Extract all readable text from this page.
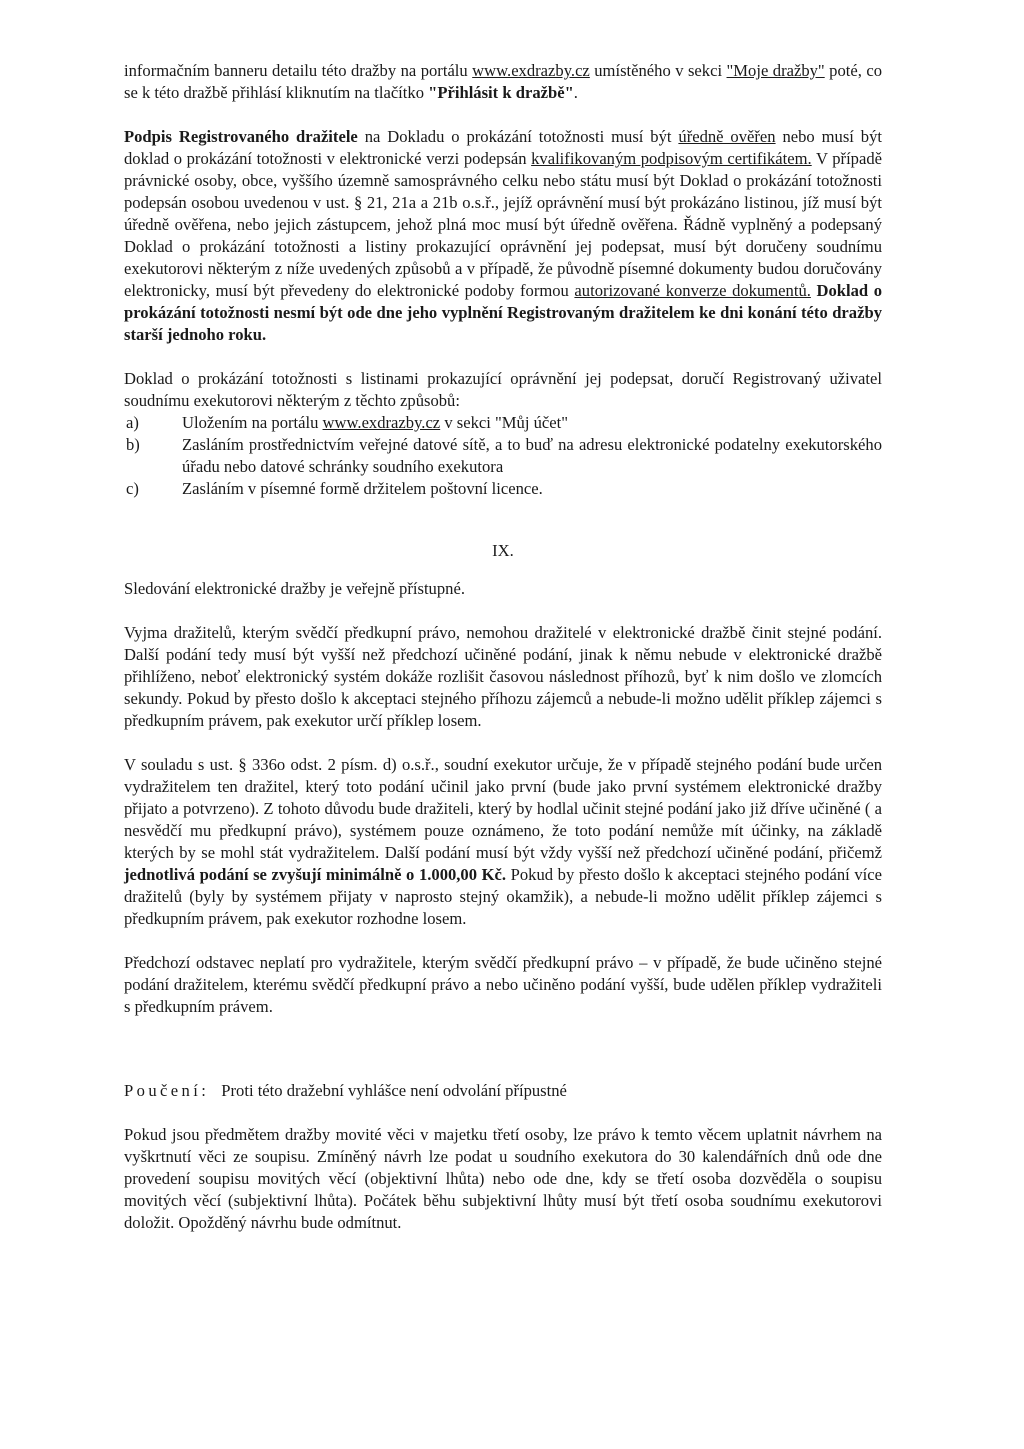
informačním banneru detailu této dražby na portálu www.exdrazby.cz umístěného v sekci "Moje dražby" poté, co se k této dražbě přihlásí kliknutím na tlačítko "Přihlásit k dražbě".

Podpis Registrovaného dražitele na Dokladu o prokázání totožnosti musí být úředně ověřen nebo musí být doklad o prokázání totožnosti v elektronické verzi podepsán kvalifikovaným podpisovým certifikátem. V případě právnické osoby, obce, vyššího územně samosprávného celku nebo státu musí být Doklad o prokázání totožnosti podepsán osobou uvedenou v ust. § 21, 21a a 21b o.s.ř., jejíž oprávnění musí být prokázáno listinou, jíž musí být úředně ověřena, nebo jejich zástupcem, jehož plná moc musí být úředně ověřena. Řádně vyplněný a podepsaný Doklad o prokázání totožnosti a listiny prokazující oprávnění jej podepsat, musí být doručeny soudnímu exekutorovi některým z níže uvedených způsobů a v případě, že původně písemné dokumenty budou doručovány elektronicky, musí být převedeny do elektronické podoby formou autorizované konverze dokumentů. Doklad o prokázání totožnosti nesmí být ode dne jeho vyplnění Registrovaným dražitelem ke dni konání této dražby starší jednoho roku.

Doklad o prokázání totožnosti s listinami prokazující oprávnění jej podepsat, doručí Registrovaný uživatel soudnímu exekutorovi některým z těchto způsobů:

a)	Uložením na portálu www.exdrazby.cz v sekci "Můj účet"
b)	Zasláním prostřednictvím veřejné datové sítě, a to buď na adresu elektronické podatelny exekutorského úřadu nebo datové schránky soudního exekutora
c)	Zasláním v písemné formě držitelem poštovní licence.
IX.

Sledování elektronické dražby je veřejně přístupné.

Vyjma dražitelů, kterým svědčí předkupní právo, nemohou dražitelé v elektronické dražbě činit stejné podání. Další podání tedy musí být vyšší než předchozí učiněné podání, jinak k němu nebude v elektronické dražbě přihlíženo, neboť elektronický systém dokáže rozlišit časovou následnost příhozů, byť k nim došlo ve zlomcích sekundy. Pokud by přesto došlo k akceptaci stejného příhozu zájemců a nebude-li možno udělit příklep zájemci s předkupním právem, pak exekutor určí příklep losem.

V souladu s ust. § 336o odst. 2 písm. d) o.s.ř., soudní exekutor určuje, že v případě stejného podání bude určen vydražitelem ten dražitel, který toto podání učinil jako první (bude jako první systémem elektronické dražby přijato a potvrzeno). Z tohoto důvodu bude dražiteli, který by hodlal učinit stejné podání jako již dříve učiněné ( a nesvědčí mu předkupní právo), systémem pouze oznámeno, že toto podání nemůže mít účinky, na základě kterých by se mohl stát vydražitelem. Další podání musí být vždy vyšší než předchozí učiněné podání, přičemž jednotlivá podání se zvyšují minimálně o 1.000,00 Kč. Pokud by přesto došlo k akceptaci stejného podání více dražitelů (byly by systémem přijaty v naprosto stejný okamžik), a nebude-li možno udělit příklep zájemci s předkupním právem, pak exekutor rozhodne losem.

Předchozí odstavec neplatí pro vydražitele, kterým svědčí předkupní právo – v případě, že bude učiněno stejné podání dražitelem, kterému svědčí předkupní právo a nebo učiněno podání vyšší, bude udělen příklep vydražiteli s předkupním právem.

Poučení: Proti této dražební vyhlášce není odvolání přípustné

Pokud jsou předmětem dražby movité věci v majetku třetí osoby, lze právo k temto věcem uplatnit návrhem na vyškrtnutí věci ze soupisu. Zmíněný návrh lze podat u soudního exekutora do 30 kalendářních dnů ode dne provedení soupisu movitých věcí (objektivní lhůta) nebo ode dne, kdy se třetí osoba dozvěděla o soupisu movitých věcí (subjektivní lhůta). Počátek běhu subjektivní lhůty musí být třetí osoba soudnímu exekutorovi doložit. Opožděný návrhu bude odmítnut.
